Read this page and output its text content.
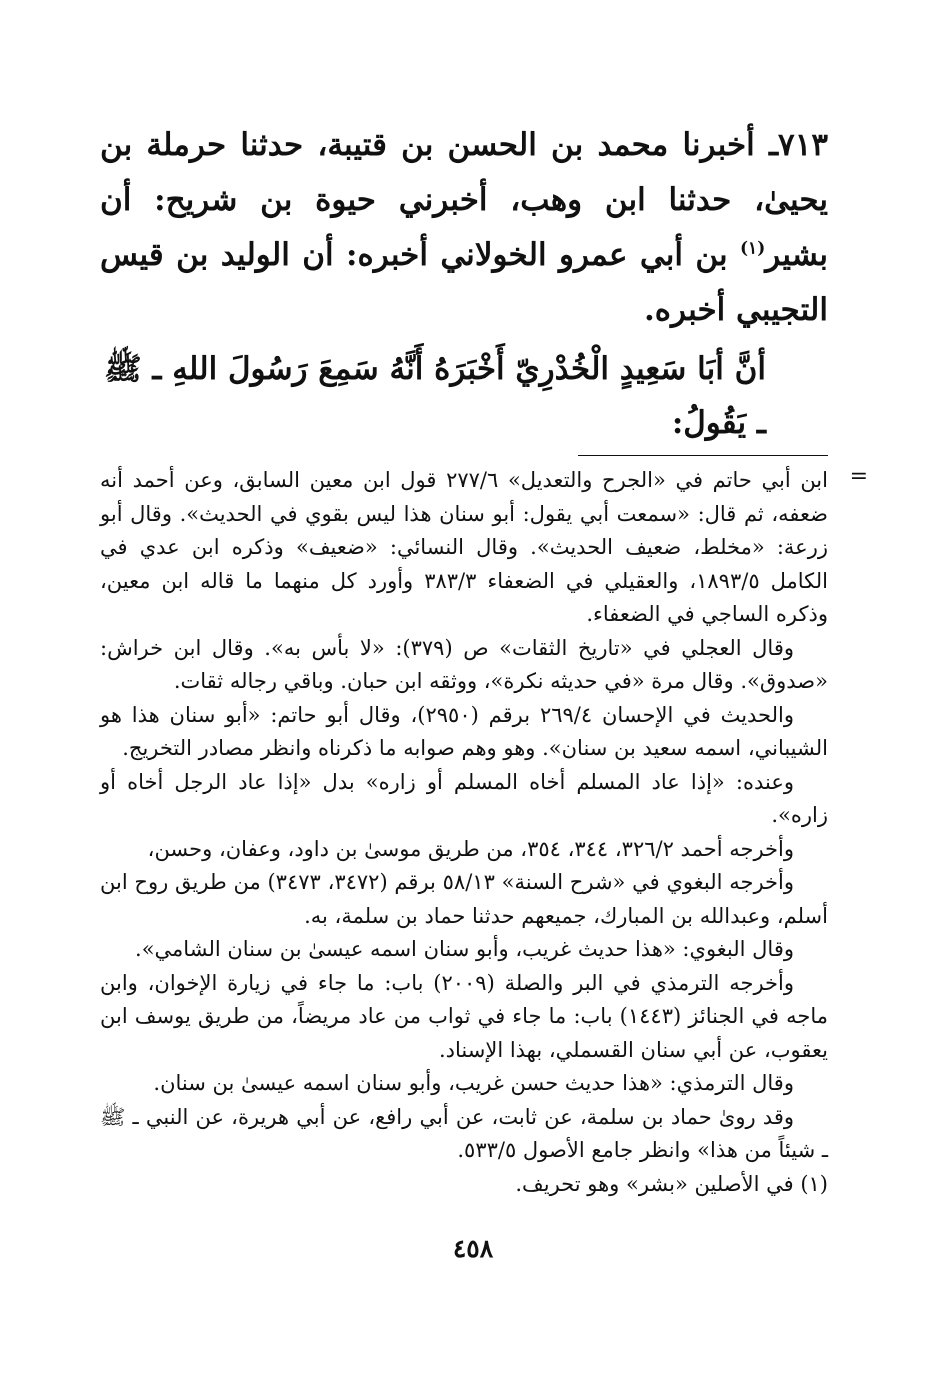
٧١٣ـ أخبرنا محمد بن الحسن بن قتيبة، حدثنا حرملة بن يحيىٰ، حدثنا ابن وهب، أخبرني حيوة بن شريح: أن بشير$^{(١)}$ بن أبي عمرو الخولاني أخبره: أن الوليد بن قيس التجيبي أخبره.

أنَّ أبَا سَعِيدٍ الْخُدْرِيّ أَخْبَرَهُ أَنَّهُ سَمِعَ رَسُولَ اللهِ ـ ﷺ ـ يَقُولُ:
=

ابن أبي حاتم في «الجرح والتعديل» ٢٧٧/٦ قول ابن معين السابق، وعن أحمد أنه ضعفه، ثم قال: «سمعت أبي يقول: أبو سنان هذا ليس بقوي في الحديث». وقال أبو زرعة: «مخلط، ضعيف الحديث». وقال النسائي: «ضعيف» وذكره ابن عدي في الكامل ١٨٩٣/٥، والعقيلي في الضعفاء ٣٨٣/٣ وأورد كل منهما ما قاله ابن معين، وذكره الساجي في الضعفاء.

وقال العجلي في «تاريخ الثقات» ص (٣٧٩): «لا بأس به». وقال ابن خراش: «صدوق». وقال مرة «في حديثه نكرة»، ووثقه ابن حبان. وباقي رجاله ثقات.

والحديث في الإحسان ٢٦٩/٤ برقم (٢٩٥٠)، وقال أبو حاتم: «أبو سنان هذا هو الشيباني، اسمه سعيد بن سنان». وهو وهم صوابه ما ذكرناه وانظر مصادر التخريج.

وعنده: «إذا عاد المسلم أخاه المسلم أو زاره» بدل «إذا عاد الرجل أخاه أو زاره».

وأخرجه أحمد ٣٢٦/٢، ٣٤٤، ٣٥٤، من طريق موسىٰ بن داود، وعفان، وحسن،

وأخرجه البغوي في «شرح السنة» ٥٨/١٣ برقم (٣٤٧٢، ٣٤٧٣) من طريق روح ابن أسلم، وعبدالله بن المبارك، جميعهم حدثنا حماد بن سلمة، به.

وقال البغوي: «هذا حديث غريب، وأبو سنان اسمه عيسىٰ بن سنان الشامي».

وأخرجه الترمذي في البر والصلة (٢٠٠٩) باب: ما جاء في زيارة الإخوان، وابن ماجه في الجنائز (١٤٤٣) باب: ما جاء في ثواب من عاد مريضاً، من طريق يوسف ابن يعقوب، عن أبي سنان القسملي، بهذا الإسناد.

وقال الترمذي: «هذا حديث حسن غريب، وأبو سنان اسمه عيسىٰ بن سنان.

وقد روىٰ حماد بن سلمة، عن ثابت، عن أبي رافع، عن أبي هريرة، عن النبي ـ ﷺ ـ شيئاً من هذا» وانظر جامع الأصول ٥٣٣/٥.

(١) في الأصلين «بشر» وهو تحريف.

٤٥٨
